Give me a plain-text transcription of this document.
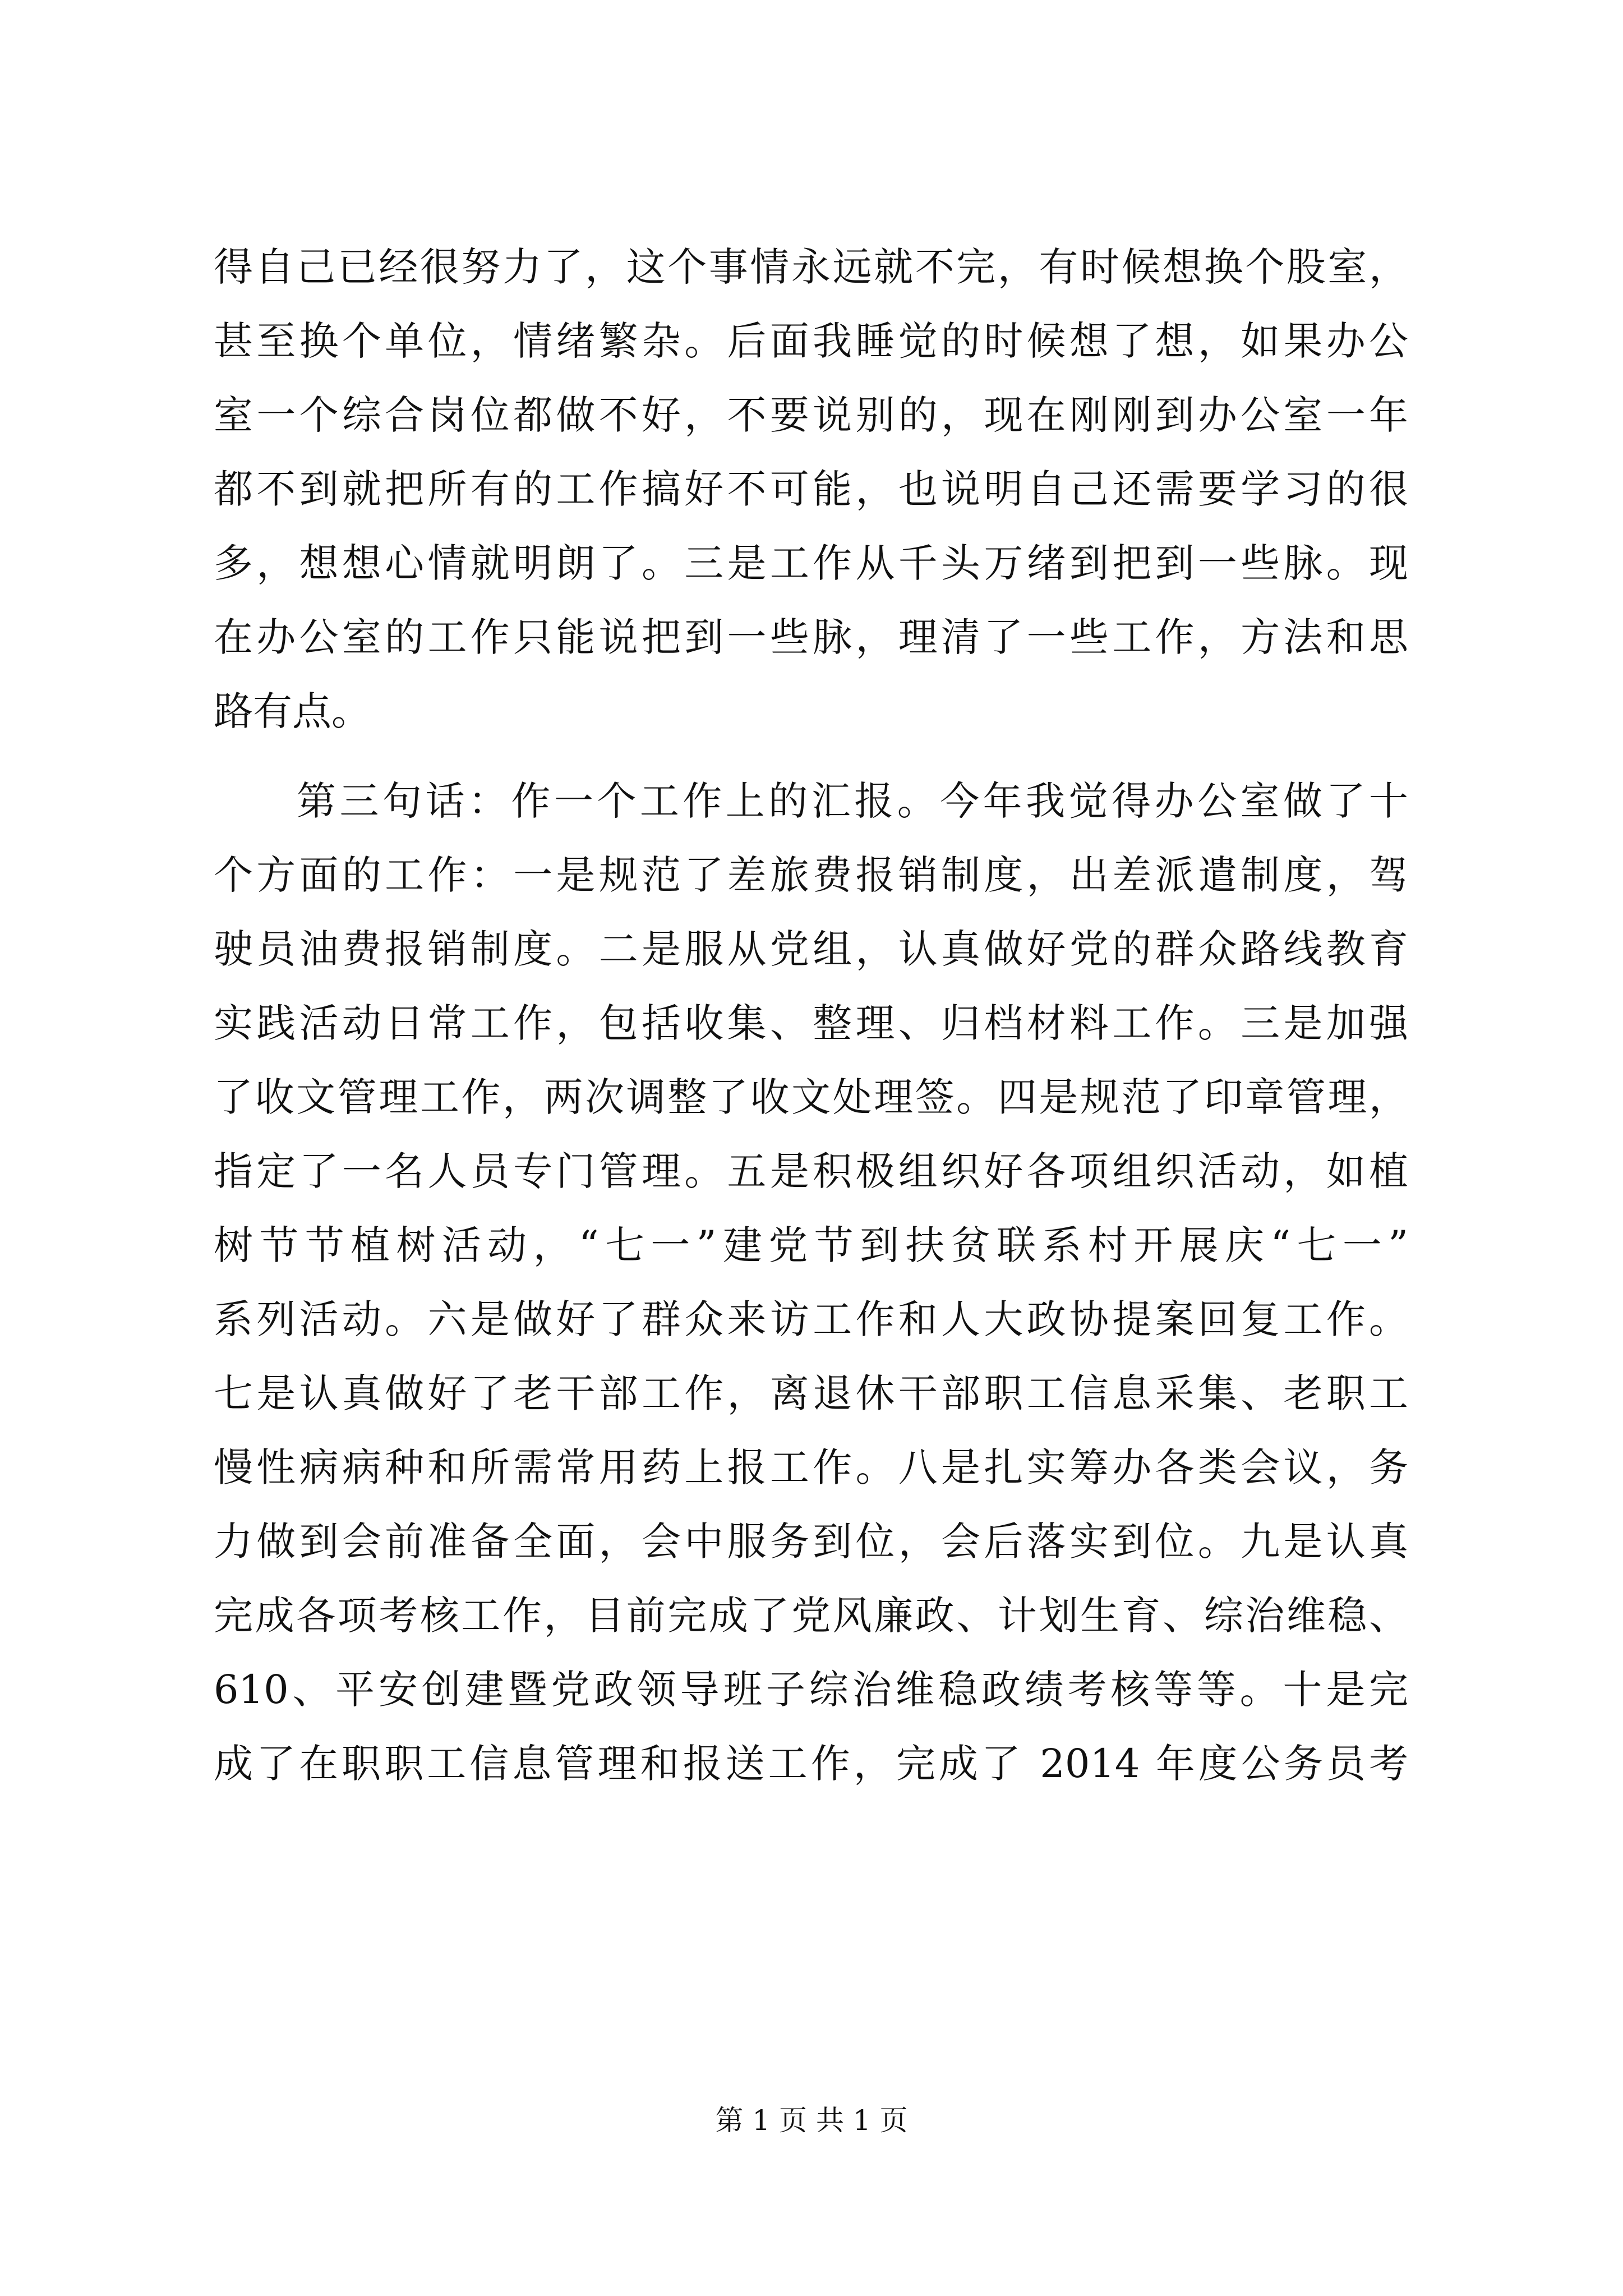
得自己已经很努力了，这个事情永远就不完，有时候想换个股室，
甚至换个单位，情绪繁杂。后面我睡觉的时候想了想，如果办公
室一个综合岗位都做不好，不要说别的，现在刚刚到办公室一年
都不到就把所有的工作搞好不可能，也说明自己还需要学习的很
多，想想心情就明朗了。三是工作从千头万绪到把到一些脉。现
在办公室的工作只能说把到一些脉，理清了一些工作，方法和思
路有点。
第三句话：作一个工作上的汇报。今年我觉得办公室做了十
个方面的工作：一是规范了差旅费报销制度，出差派遣制度，驾
驶员油费报销制度。二是服从党组，认真做好党的群众路线教育
实践活动日常工作，包括收集、整理、归档材料工作。三是加强
了收文管理工作，两次调整了收文处理签。四是规范了印章管理，
指定了一名人员专门管理。五是积极组织好各项组织活动，如植
树节节植树活动，“七一”建党节到扶贫联系村开展庆“七一”
系列活动。六是做好了群众来访工作和人大政协提案回复工作。
七是认真做好了老干部工作，离退休干部职工信息采集、老职工
慢性病病种和所需常用药上报工作。八是扎实筹办各类会议，务
力做到会前准备全面，会中服务到位，会后落实到位。九是认真
完成各项考核工作，目前完成了党风廉政、计划生育、综治维稳、
610、平安创建暨党政领导班子综治维稳政绩考核等等。十是完
成了在职职工信息管理和报送工作，完成了 2014 年度公务员考
第 1 页 共 1 页
